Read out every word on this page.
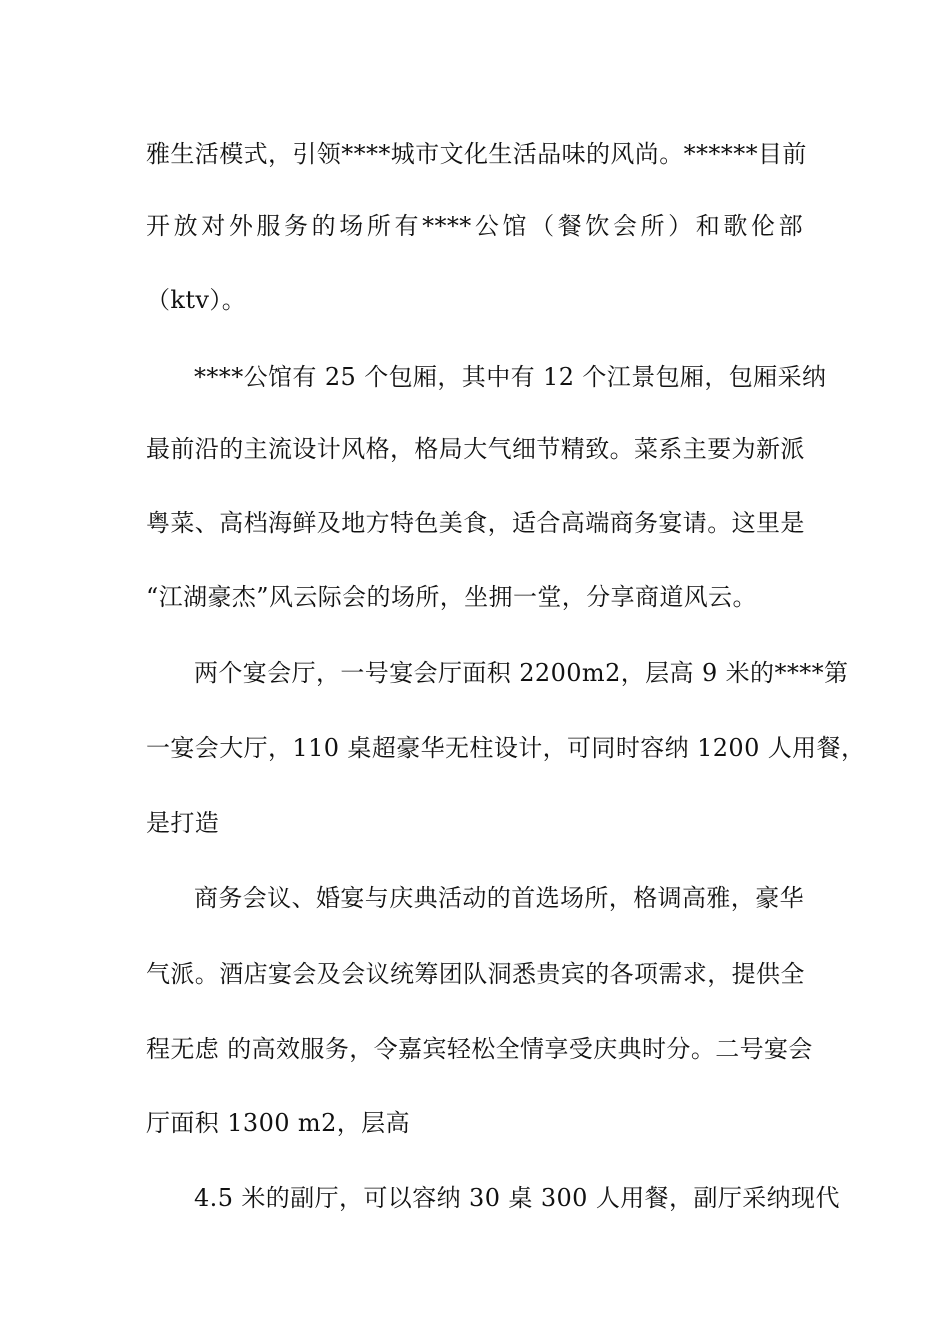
雅生活模式，引领****城市文化生活品味的风尚。******目前
开放对外服务的场所有****公馆（餐饮会所）和歌伦部
（ktv）。
****公馆有 25 个包厢，其中有 12 个江景包厢，包厢采纳
最前沿的主流设计风格，格局大气细节精致。菜系主要为新派
粤菜、高档海鲜及地方特色美食，适合高端商务宴请。这里是
“江湖豪杰”风云际会的场所，坐拥一堂，分享商道风云。
两个宴会厅，一号宴会厅面积 2200m2，层高 9 米的****第
一宴会大厅，110 桌超豪华无柱设计，可同时容纳 1200 人用餐，
是打造
商务会议、婚宴与庆典活动的首选场所，格调高雅，豪华
气派。酒店宴会及会议统筹团队洞悉贵宾的各项需求，提供全
程无虑 的高效服务，令嘉宾轻松全情享受庆典时分。二号宴会
厅面积 1300 m2，层高
4.5 米的副厅，可以容纳 30 桌 300 人用餐，副厅采纳现代
